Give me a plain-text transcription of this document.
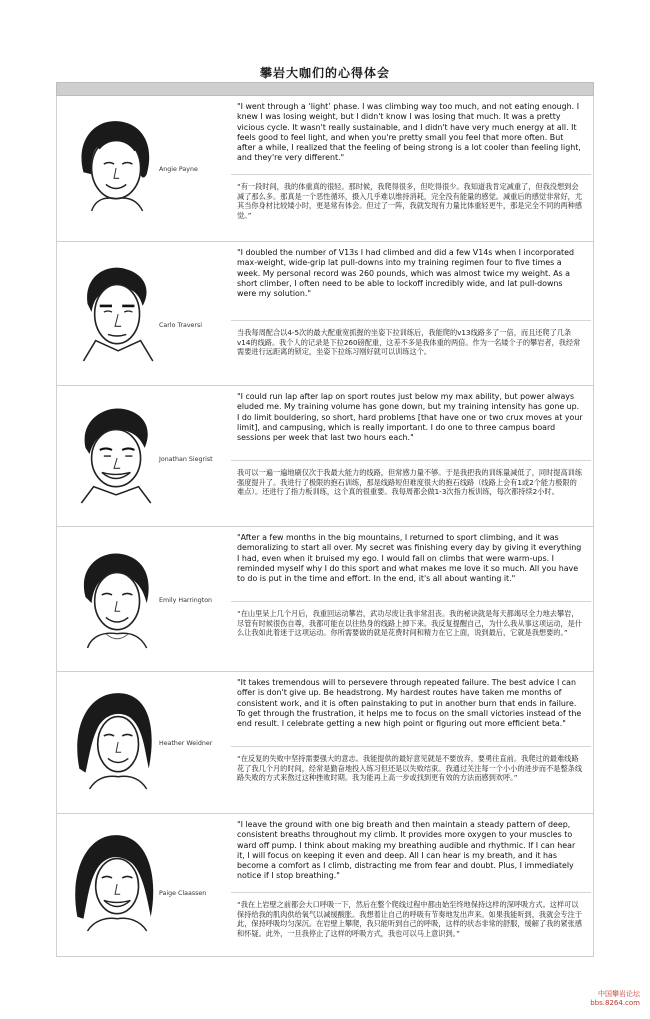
攀岩大咖们的心得体会
Angie Payne
"I went through a ‘light’ phase. I was climbing way too much, and not eating enough. I knew I was losing weight, but I didn't know I was losing that much. It was a pretty vicious cycle. It wasn't really sustainable, and I didn't have very much energy at all. It feels good to feel light, and when you're pretty small you feel that more often. But after a while, I realized that the feeling of being strong is a lot cooler than feeling light, and they're very different."
“有一段时间，我的体重真的很轻。那时候，我爬得很多，但吃得很少。我知道我肯定减重了，但我没想到会减了那么多。那真是一个恶性循环，摄入几乎难以维持消耗，完全没有能量的感觉。减重后的感觉非常好，尤其当你身材比较矮小时，更是常有体会。但过了一阵，我就发现有力量比体重轻更牛，那是完全不同的两种感觉。”
Carlo Traversi
"I doubled the number of V13s I had climbed and did a few V14s when I incorporated max-weight, wide-grip lat pull-downs into my training regimen four to five times a week. My personal record was 260 pounds, which was almost twice my weight. As a short climber, I often need to be able to lockoff incredibly wide, and lat pull-downs were my solution."
当我每周配合以4-5次的最大配重宽抓握的坐姿下拉训练后，我能爬的v13线路多了一倍，而且还爬了几条v14的线路。我个人的记录是下拉260磅配重，这差不多是我体重的两倍。作为一名矮个子的攀岩者，我经常需要进行远距离的锁定，坐姿下拉练习刚好就可以训练这个。
Jonathan Siegrist
"I could run lap after lap on sport routes just below my max ability, but power always eluded me. My training volume has gone down, but my training intensity has gone up. I do limit bouldering, so short, hard problems [that have one or two crux moves at your limit], and campusing, which is really important. I do one to three campus board sessions per week that last two hours each."
我可以一遍一遍地刷仅次于我最大能力的线路，但常感力量不够。于是我把我的训练量减低了，同时提高训练强度提升了。我进行了极限的抱石训练，那是线路短但难度很大的抱石线路（线路上会有1或2个能力极限的难点）。还进行了指力板训练，这个真的很重要。我每周都会做1-3次指力板训练，每次都持续2小时。
Emily Harrington
"After a few months in the big mountains, I returned to sport climbing, and it was demoralizing to start all over. My secret was finishing every day by giving it everything I had, even when it bruised my ego. I would fall on climbs that were warm-ups. I reminded myself why I do this sport and what makes me love it so much. All you have to do is put in the time and effort. In the end, it's all about wanting it."
“在山里呆上几个月后，我重回运动攀岩，武功尽废让我非常沮丧。我的秘诀就是每天都竭尽全力地去攀岩，尽管有时候很伤自尊，我都可能在以往热身的线路上掉下来。我反复提醒自己，为什么我从事这项运动，是什么让我如此着迷于这项运动。你所需要做的就是花费时间和精力在它上面，说到最后，它就是我想要的。”
Heather Weidner
"It takes tremendous will to persevere through repeated failure. The best advice I can offer is don't give up. Be headstrong. My hardest routes have taken me months of consistent work, and it is often painstaking to put in another burn that ends in failure. To get through the frustration, it helps me to focus on the small victories instead of the end result. I celebrate getting a new high point or figuring out more efficient beta."
“在反复的失败中坚持需要强大的意志。我能提供的最好意见就是不要放弃，要勇往直前。我爬过的最难线路花了我几个月的时间，经常是勤奋地投入练习但还是以失败结束。我通过关注每一个小小的进步而不是整条线路失败的方式来熬过这种挫败时期。我为能再上高一步或找到更有效的方法而感到欢呼。”
Paige Claassen
"I leave the ground with one big breath and then maintain a steady pattern of deep, consistent breaths throughout my climb. It provides more oxygen to your muscles to ward off pump. I think about making my breathing audible and rhythmic. If I can hear it, I will focus on keeping it even and deep. All I can hear is my breath, and it has become a comfort as I climb, distracting me from fear and doubt. Plus, I immediately notice if I stop breathing."
“我在上岩壁之前都会大口呼吸一下，然后在整个爬线过程中都由始至终地保持这样的深呼吸方式。这样可以保持给我的肌肉供给氧气以减缓酸胀。我想着让自己的呼吸有节奏地发出声来。如果我能听到，我就会专注于此，保持呼吸均匀深沉。在岩壁上攀爬，我只能听到自己的呼吸，这样的状态非常的舒服，缓解了我的紧张感和怀疑。此外，一旦我停止了这样的呼吸方式，我也可以马上意识到。”
中国攀岩论坛
bbs.8264.com
